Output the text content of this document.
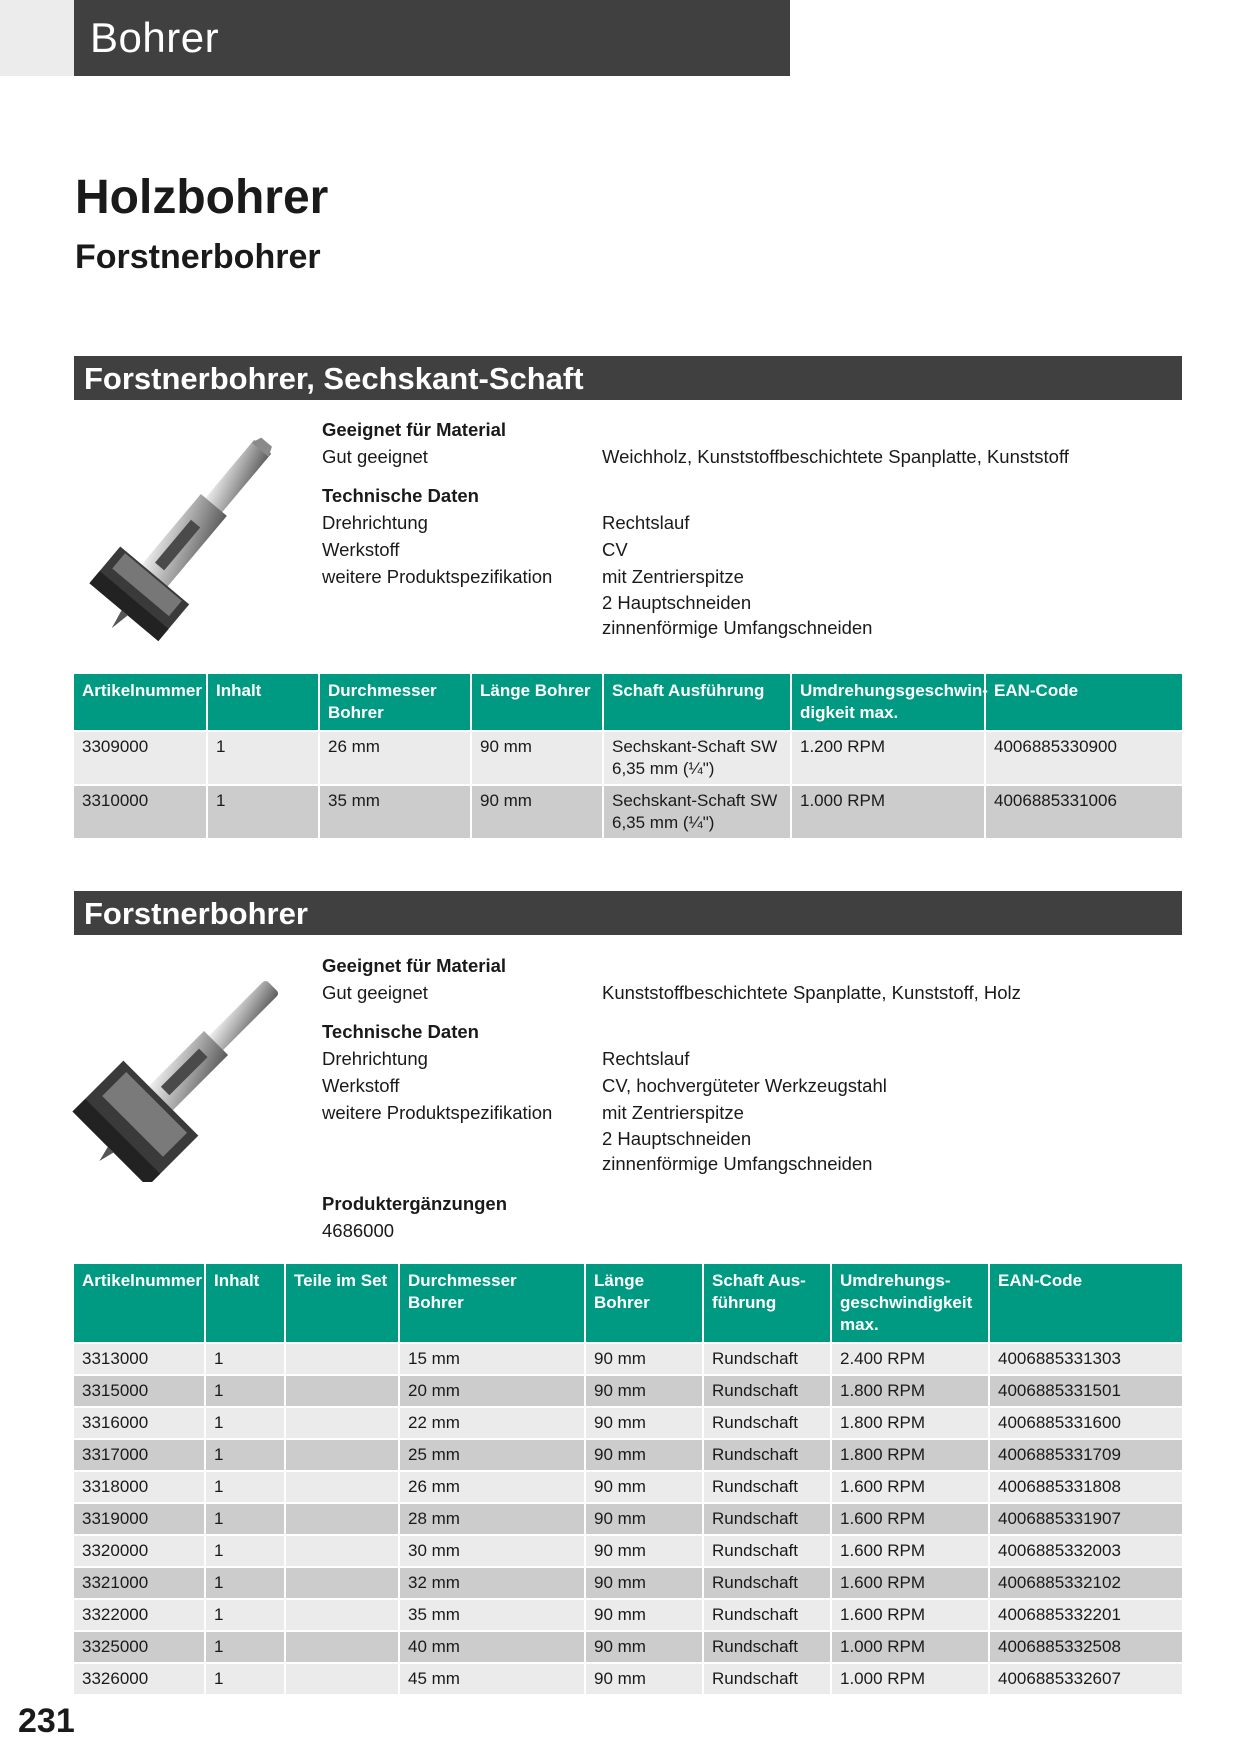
Bohrer
Holzbohrer
Forstnerbohrer
Forstnerbohrer, Sechskant-Schaft
Geeignet für Material
Gut geeignet	Weichholz, Kunststoffbeschichtete Spanplatte, Kunststoff
Technische Daten
Drehrichtung	Rechtslauf
Werkstoff	CV
weitere Produktspezifikation	mit Zentrierspitze
2 Hauptschneiden
zinnenförmige Umfangschneiden
Artikelnummer	Inhalt	Durchmesser Bohrer	Länge Bohrer	Schaft Ausführung	Umdrehungsgeschwin-digkeit max.	EAN-Code
3309000	1	26 mm	90 mm	Sechskant-Schaft SW 6,35 mm (¼")	1.200 RPM	4006885330900
3310000	1	35 mm	90 mm	Sechskant-Schaft SW 6,35 mm (¼")	1.000 RPM	4006885331006
Forstnerbohrer
Geeignet für Material
Gut geeignet	Kunststoffbeschichtete Spanplatte, Kunststoff, Holz
Technische Daten
Drehrichtung	Rechtslauf
Werkstoff	CV, hochvergüteter Werkzeugstahl
weitere Produktspezifikation	mit Zentrierspitze
2 Hauptschneiden
zinnenförmige Umfangschneiden
Produktergänzungen
4686000
Artikelnummer	Inhalt	Teile im Set	Durchmesser Bohrer	Länge Bohrer	Schaft Aus-führung	Umdrehungs-geschwindigkeit max.	EAN-Code
3313000	1		15 mm	90 mm	Rundschaft	2.400 RPM	4006885331303
3315000	1		20 mm	90 mm	Rundschaft	1.800 RPM	4006885331501
3316000	1		22 mm	90 mm	Rundschaft	1.800 RPM	4006885331600
3317000	1		25 mm	90 mm	Rundschaft	1.800 RPM	4006885331709
3318000	1		26 mm	90 mm	Rundschaft	1.600 RPM	4006885331808
3319000	1		28 mm	90 mm	Rundschaft	1.600 RPM	4006885331907
3320000	1		30 mm	90 mm	Rundschaft	1.600 RPM	4006885332003
3321000	1		32 mm	90 mm	Rundschaft	1.600 RPM	4006885332102
3322000	1		35 mm	90 mm	Rundschaft	1.600 RPM	4006885332201
3325000	1		40 mm	90 mm	Rundschaft	1.000 RPM	4006885332508
3326000	1		45 mm	90 mm	Rundschaft	1.000 RPM	4006885332607
231
